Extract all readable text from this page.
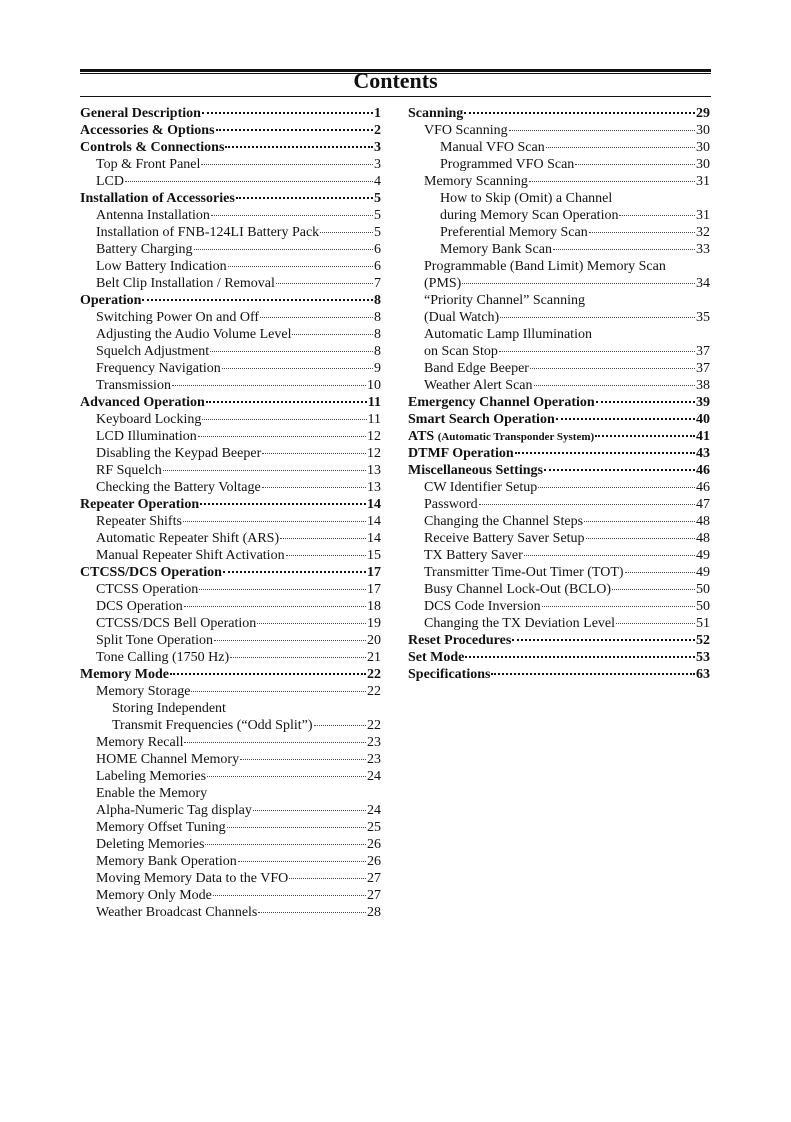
Contents
General Description	1
Accessories & Options	2
Controls & Connections	3
Top & Front Panel	3
LCD	4
Installation of Accessories	5
Antenna Installation	5
Installation of FNB-124LI Battery Pack	5
Battery Charging	6
Low Battery Indication	6
Belt Clip Installation / Removal	7
Operation	8
Switching Power On and Off	8
Adjusting the Audio Volume Level	8
Squelch Adjustment	8
Frequency Navigation	9
Transmission	10
Advanced Operation	11
Keyboard Locking	11
LCD Illumination	12
Disabling the Keypad Beeper	12
RF Squelch	13
Checking the Battery Voltage	13
Repeater Operation	14
Repeater Shifts	14
Automatic Repeater Shift (ARS)	14
Manual Repeater Shift Activation	15
CTCSS/DCS Operation	17
CTCSS Operation	17
DCS Operation	18
CTCSS/DCS Bell Operation	19
Split Tone Operation	20
Tone Calling (1750 Hz)	21
Memory Mode	22
Memory Storage	22
Storing Independent
Transmit Frequencies (“Odd Split”)	22
Memory Recall	23
HOME Channel Memory	23
Labeling Memories	24
Enable the Memory
Alpha-Numeric Tag display	24
Memory Offset Tuning	25
Deleting Memories	26
Memory Bank Operation	26
Moving Memory Data to the VFO	27
Memory Only Mode	27
Weather Broadcast Channels	28
Scanning	29
VFO Scanning	30
Manual VFO Scan	30
Programmed VFO Scan	30
Memory Scanning	31
How to Skip (Omit) a Channel
during Memory Scan Operation	31
Preferential Memory Scan	32
Memory Bank Scan	33
Programmable (Band Limit) Memory Scan
(PMS)	34
“Priority Channel” Scanning
(Dual Watch)	35
Automatic Lamp Illumination
on Scan Stop	37
Band Edge Beeper	37
Weather Alert Scan	38
Emergency Channel Operation	39
Smart Search Operation	40
ATS (Automatic Transponder System)	41
DTMF Operation	43
Miscellaneous Settings	46
CW Identifier Setup	46
Password	47
Changing the Channel Steps	48
Receive Battery Saver Setup	48
TX Battery Saver	49
Transmitter Time-Out Timer (TOT)	49
Busy Channel Lock-Out (BCLO)	50
DCS Code Inversion	50
Changing the TX Deviation Level	51
Reset Procedures	52
Set Mode	53
Specifications	63
